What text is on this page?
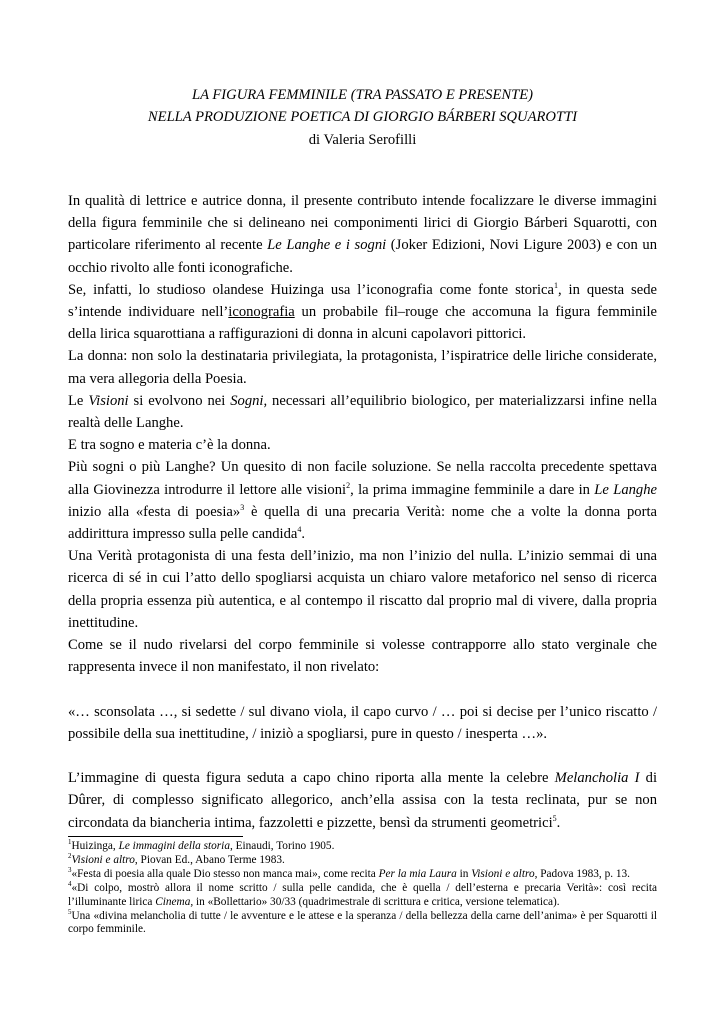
LA FIGURA FEMMINILE (TRA PASSATO E PRESENTE)
NELLA PRODUZIONE POETICA DI GIORGIO BÁRBERI SQUAROTTI
di Valeria Serofilli

In qualità di lettrice e autrice donna, il presente contributo intende focalizzare le diverse immagini della figura femminile che si delineano nei componimenti lirici di Giorgio Bárberi Squarotti, con particolare riferimento al recente Le Langhe e i sogni (Joker Edizioni, Novi Ligure 2003) e con un occhio rivolto alle fonti iconografiche.

Se, infatti, lo studioso olandese Huizinga usa l’iconografia come fonte storica$^1$, in questa sede s’intende individuare nell’iconografia un probabile fil–rouge che accomuna la figura femminile della lirica squarottiana a raffigurazioni di donna in alcuni capolavori pittorici.

La donna: non solo la destinataria privilegiata, la protagonista, l’ispiratrice delle liriche considerate, ma vera allegoria della Poesia.

Le Visioni si evolvono nei Sogni, necessari all’equilibrio biologico, per materializzarsi infine nella realtà delle Langhe.

E tra sogno e materia c’è la donna.

Più sogni o più Langhe? Un quesito di non facile soluzione. Se nella raccolta precedente spettava alla Giovinezza introdurre il lettore alle visioni$^2$, la prima immagine femminile a dare in Le Langhe inizio alla «festa di poesia»$^3$ è quella di una precaria Verità: nome che a volte la donna porta addirittura impresso sulla pelle candida$^4$.

Una Verità protagonista di una festa dell’inizio, ma non l’inizio del nulla. L’inizio semmai di una ricerca di sé in cui l’atto dello spogliarsi acquista un chiaro valore metaforico nel senso di ricerca della propria essenza più autentica, e al contempo il riscatto dal proprio mal di vivere, dalla propria inettitudine.

Come se il nudo rivelarsi del corpo femminile si volesse contrapporre allo stato verginale che rappresenta invece il non manifestato, il non rivelato:

«… sconsolata …, si sedette / sul divano viola, il capo curvo / … poi si decise per l’unico riscatto / possibile della sua inettitudine, / iniziò a spogliarsi, pure in questo / inesperta …».

L’immagine di questa figura seduta a capo chino riporta alla mente la celebre Melancholia I di Dûrer, di complesso significato allegorico, anch’ella assisa con la testa reclinata, pur se non circondata da biancheria intima, fazzoletti e pizzette, bensì da strumenti geometrici$^5$.

$^1$Huizinga, Le immagini della storia, Einaudi, Torino 1905.

$^2$Visioni e altro, Piovan Ed., Abano Terme 1983.

$^3$«Festa di poesia alla quale Dio stesso non manca mai», come recita Per la mia Laura in Visioni e altro, Padova 1983, p. 13.

$^4$«Di colpo, mostrò allora il nome scritto / sulla pelle candida, che è quella / dell’esterna e precaria Verità»: così recita l’illuminante lirica Cinema, in «Bollettario» 30/33 (quadrimestrale di scrittura e critica, versione telematica).

$^5$Una «divina melancholia di tutte / le avventure e le attese e la speranza / della bellezza della carne dell’anima» è per Squarotti il corpo femminile.
